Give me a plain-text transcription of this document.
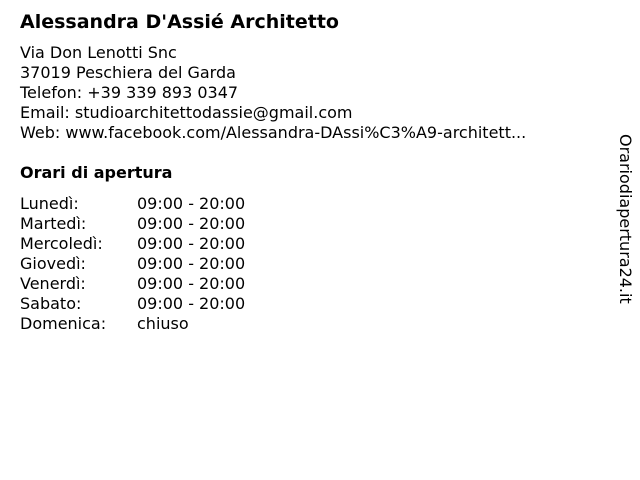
Alessandra D'Assié Architetto
Via Don Lenotti Snc
37019 Peschiera del Garda
Telefon: +39 339 893 0347
Email: studioarchitettodassie@gmail.com
Web: www.facebook.com/Alessandra-DAssi%C3%A9-architett...
Orari di apertura
Lunedì:	09:00 - 20:00
Martedì:	09:00 - 20:00
Mercoledì:	09:00 - 20:00
Giovedì:	09:00 - 20:00
Venerdì:	09:00 - 20:00
Sabato:	09:00 - 20:00
Domenica:	chiuso
Orariodiapertura24.it
